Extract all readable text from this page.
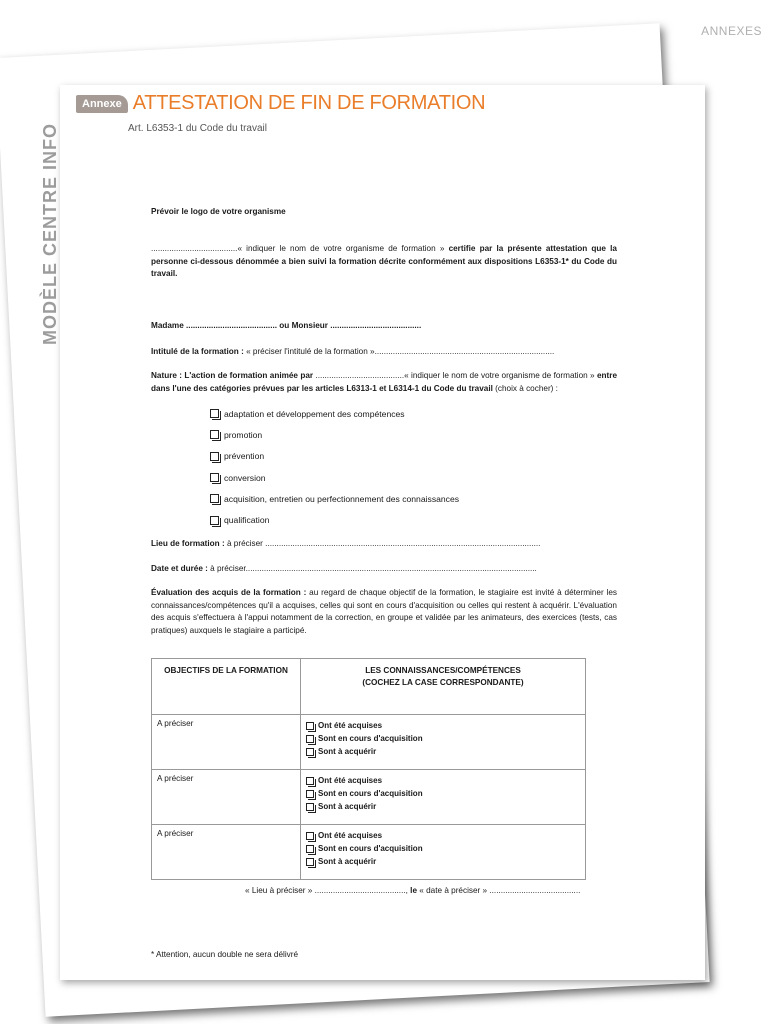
ANNEXES
MODÈLE CENTRE INFO
Annexe ATTESTATION DE FIN DE FORMATION
Art. L6353-1 du Code du travail
Prévoir le logo de votre organisme
......................................« indiquer le nom de votre organisme de formation » certifie par la présente attestation que la personne ci-dessous dénommée a bien suivi la formation décrite conformément aux dispositions L6353-1* du Code du travail.
Madame ........................................ ou Monsieur ........................................
Intitulé de la formation : « préciser l'intitulé de la formation »...............................................................................
Nature : L'action de formation animée par .......................................« indiquer le nom de votre organisme de formation » entre dans l'une des catégories prévues par les articles L6313-1 et L6314-1 du Code du travail (choix à cocher) :
adaptation et développement des compétences
promotion
prévention
conversion
acquisition, entretien ou perfectionnement des connaissances
qualification
Lieu de formation : à préciser .........................................................................................................................
Date et durée : à préciser................................................................................................................................
Évaluation des acquis de la formation : au regard de chaque objectif de la formation, le stagiaire est invité à déterminer les connaissances/compétences qu'il a acquises, celles qui sont en cours d'acquisition ou celles qui restent à acquérir. L'évaluation des acquis s'effectuera à l'appui notamment de la correction, en groupe et validée par les animateurs, des exercices (tests, cas pratiques) auxquels le stagiaire a participé.
OBJECTIFS DE LA FORMATION	LES CONNAISSANCES/COMPÉTENCES
(COCHEZ LA CASE CORRESPONDANTE)
A préciser	Ont été acquises
Sont en cours d'acquisition
Sont à acquérir

A préciser	Ont été acquises
Sont en cours d'acquisition
Sont à acquérir

A préciser	Ont été acquises
Sont en cours d'acquisition
Sont à acquérir
« Lieu à préciser » ........................................, le « date à préciser » ........................................
* Attention, aucun double ne sera délivré
